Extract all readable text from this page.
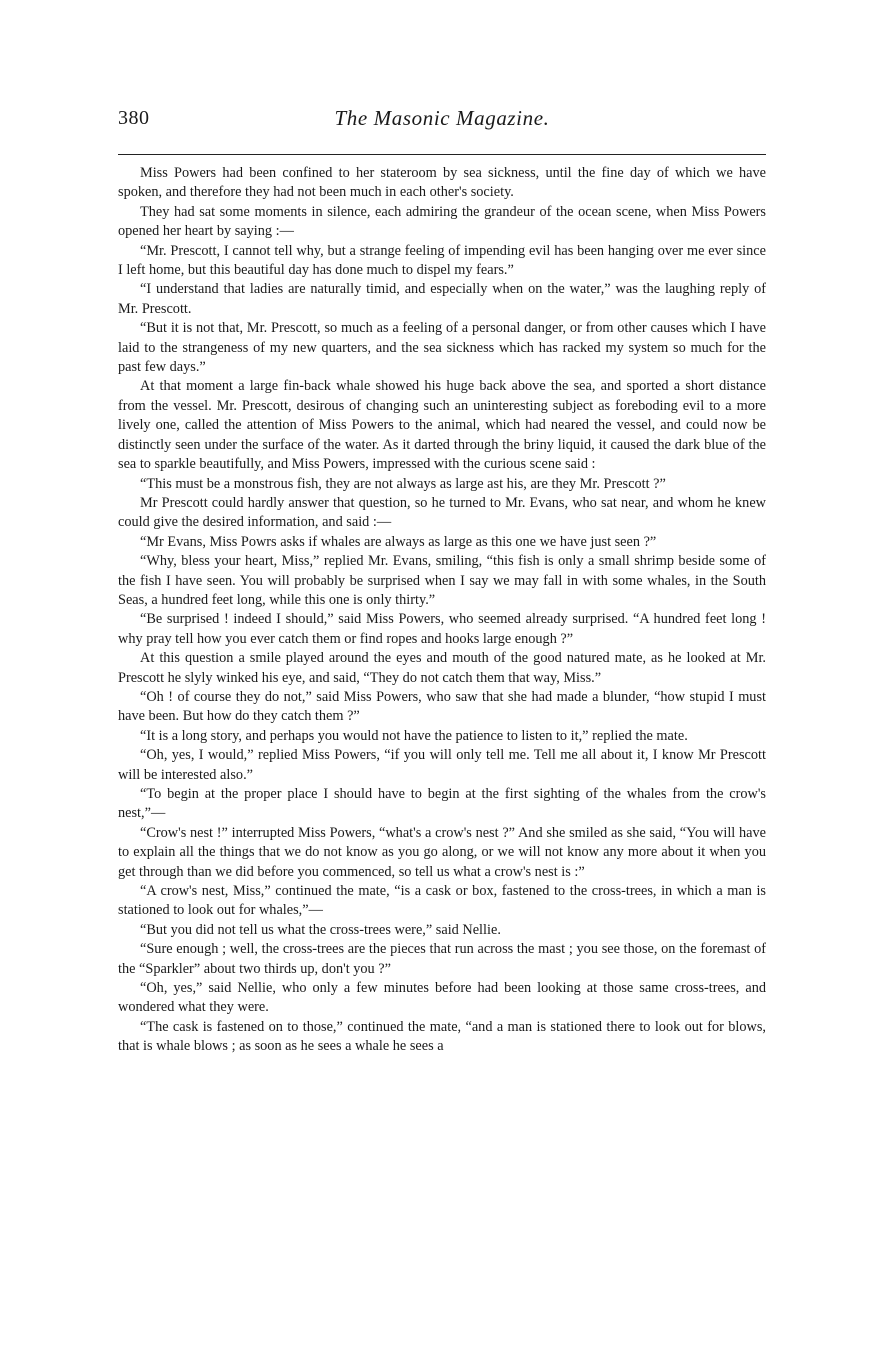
380	The Masonic Magazine.

Miss Powers had been confined to her stateroom by sea sickness, until the fine day of which we have spoken, and therefore they had not been much in each other's society.

They had sat some moments in silence, each admiring the grandeur of the ocean scene, when Miss Powers opened her heart by saying :—

“Mr. Prescott, I cannot tell why, but a strange feeling of impending evil has been hanging over me ever since I left home, but this beautiful day has done much to dispel my fears.”

“I understand that ladies are naturally timid, and especially when on the water,” was the laughing reply of Mr. Prescott.

“But it is not that, Mr. Prescott, so much as a feeling of a personal danger, or from other causes which I have laid to the strangeness of my new quarters, and the sea sickness which has racked my system so much for the past few days.”

At that moment a large fin-back whale showed his huge back above the sea, and sported a short distance from the vessel. Mr. Prescott, desirous of changing such an uninteresting subject as foreboding evil to a more lively one, called the attention of Miss Powers to the animal, which had neared the vessel, and could now be distinctly seen under the surface of the water. As it darted through the briny liquid, it caused the dark blue of the sea to sparkle beautifully, and Miss Powers, impressed with the curious scene said :

“This must be a monstrous fish, they are not always as large ast his, are they Mr. Prescott ?”

Mr Prescott could hardly answer that question, so he turned to Mr. Evans, who sat near, and whom he knew could give the desired information, and said :—

“Mr Evans, Miss Powrs asks if whales are always as large as this one we have just seen ?”

“Why, bless your heart, Miss,” replied Mr. Evans, smiling, “this fish is only a small shrimp beside some of the fish I have seen. You will probably be surprised when I say we may fall in with some whales, in the South Seas, a hundred feet long, while this one is only thirty.”

“Be surprised ! indeed I should,” said Miss Powers, who seemed already surprised. “A hundred feet long ! why pray tell how you ever catch them or find ropes and hooks large enough ?”

At this question a smile played around the eyes and mouth of the good natured mate, as he looked at Mr. Prescott he slyly winked his eye, and said, “They do not catch them that way, Miss.”

“Oh ! of course they do not,” said Miss Powers, who saw that she had made a blunder, “how stupid I must have been. But how do they catch them ?”

“It is a long story, and perhaps you would not have the patience to listen to it,” replied the mate.

“Oh, yes, I would,” replied Miss Powers, “if you will only tell me. Tell me all about it, I know Mr Prescott will be interested also.”

“To begin at the proper place I should have to begin at the first sighting of the whales from the crow's nest,”—

“Crow's nest !” interrupted Miss Powers, “what's a crow's nest ?” And she smiled as she said, “You will have to explain all the things that we do not know as you go along, or we will not know any more about it when you get through than we did before you commenced, so tell us what a crow's nest is :”

“A crow's nest, Miss,” continued the mate, “is a cask or box, fastened to the cross-trees, in which a man is stationed to look out for whales,”—

“But you did not tell us what the cross-trees were,” said Nellie.

“Sure enough ; well, the cross-trees are the pieces that run across the mast ; you see those, on the foremast of the “Sparkler” about two thirds up, don't you ?”

“Oh, yes,” said Nellie, who only a few minutes before had been looking at those same cross-trees, and wondered what they were.

“The cask is fastened on to those,” continued the mate, “and a man is stationed there to look out for blows, that is whale blows ; as soon as he sees a whale he sees a
